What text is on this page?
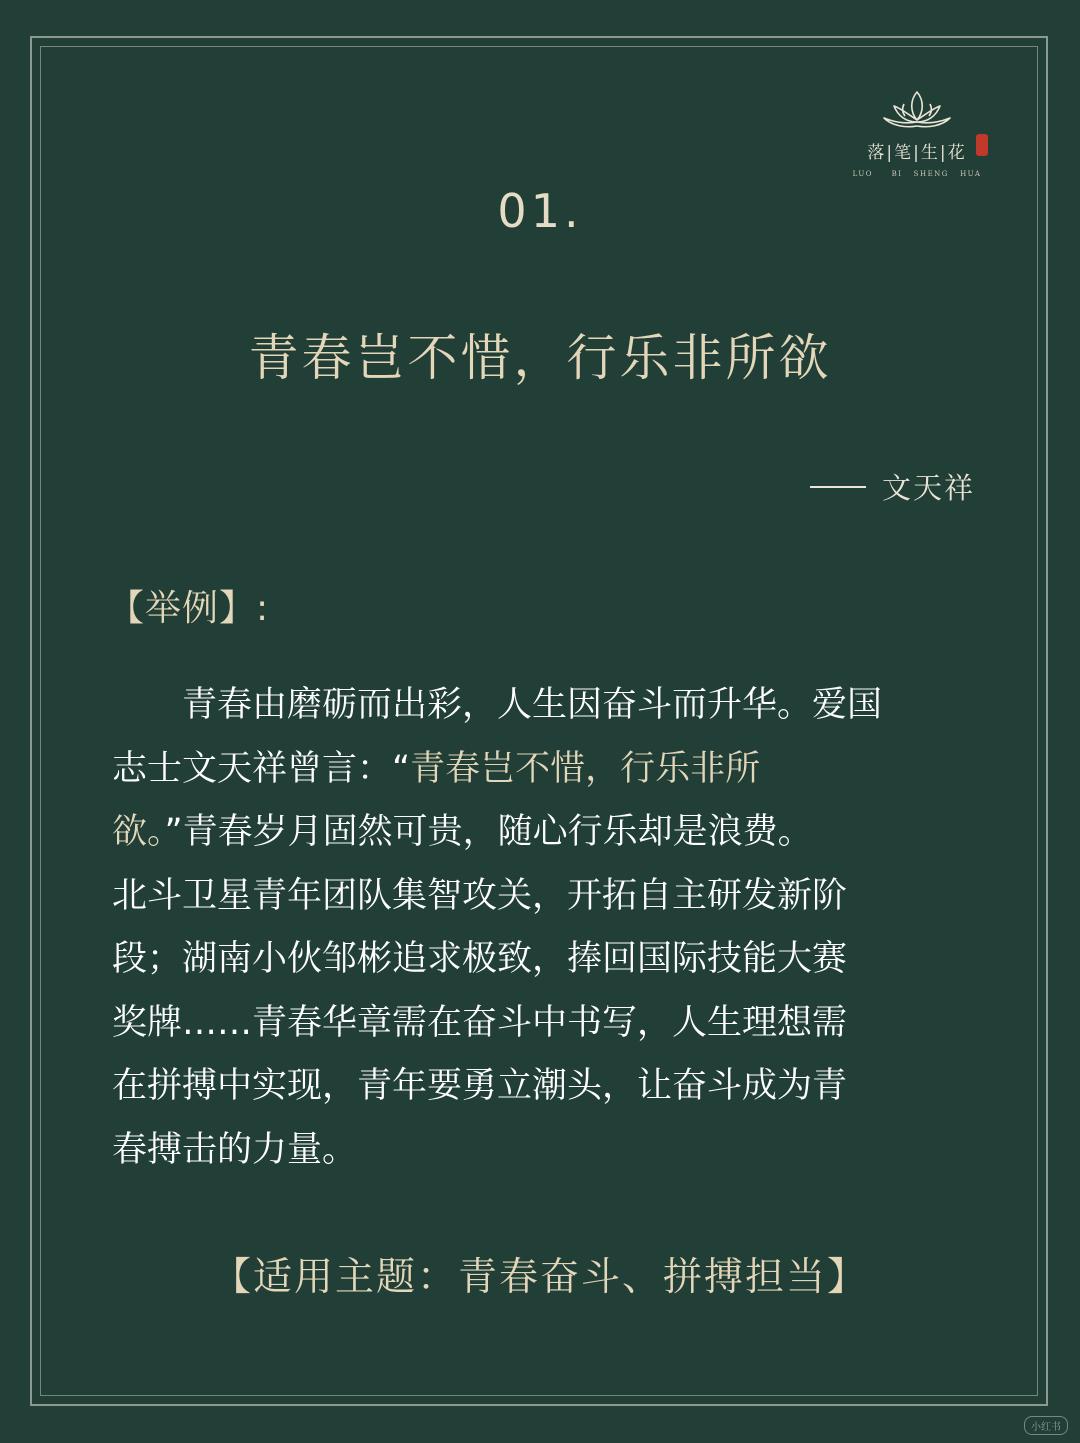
落|笔|生|花
LUO     BI   SHENG   HUA
01.
青春岂不惜，行乐非所欲
文天祥
【举例】:
　　青春由磨砺而出彩，人生因奋斗而升华。爱国
志士文天祥曾言：“青春岂不惜，行乐非所
欲。”青春岁月固然可贵，随心行乐却是浪费。
北斗卫星青年团队集智攻关，开拓自主研发新阶
段；湖南小伙邹彬追求极致，捧回国际技能大赛
奖牌……青春华章需在奋斗中书写，人生理想需
在拼搏中实现，青年要勇立潮头，让奋斗成为青
春搏击的力量。
【适用主题：青春奋斗、拼搏担当】
小红书
